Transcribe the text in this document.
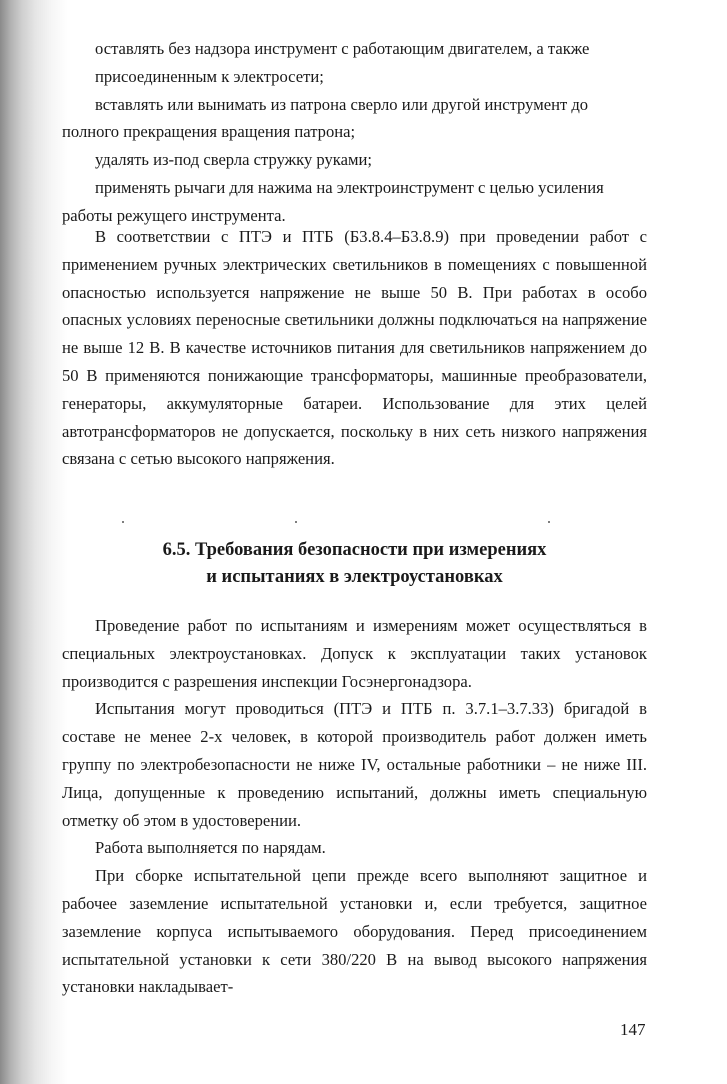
оставлять без надзора инструмент с работающим двигателем, а также присоединенным к электросети;

вставлять или вынимать из патрона сверло или другой инструмент до полного прекращения вращения патрона;

удалять из-под сверла стружку руками;

применять рычаги для нажима на электроинструмент с целью усиления работы режущего инструмента.

В соответствии с ПТЭ и ПТБ (Б3.8.4–Б3.8.9) при проведении работ с применением ручных электрических светильников в помещениях с повышенной опасностью используется напряжение не выше 50 В. При работах в особо опасных условиях переносные светильники должны подключаться на напряжение не выше 12 В. В качестве источников питания для светильников напряжением до 50 В применяются понижающие трансформаторы, машинные преобразователи, генераторы, аккумуляторные батареи. Использование для этих целей автотрансформаторов не допускается, поскольку в них сеть низкого напряжения связана с сетью высокого напряжения.

6.5. Требования безопасности при измерениях
и испытаниях в электроустановках

Проведение работ по испытаниям и измерениям может осуществляться в специальных электроустановках. Допуск к эксплуатации таких установок производится с разрешения инспекции Госэнергонадзора.

Испытания могут проводиться (ПТЭ и ПТБ п. 3.7.1–3.7.33) бригадой в составе не менее 2-х человек, в которой производитель работ должен иметь группу по электробезопасности не ниже IV, остальные работники – не ниже III. Лица, допущенные к проведению испытаний, должны иметь специальную отметку об этом в удостоверении.

Работа выполняется по нарядам.

При сборке испытательной цепи прежде всего выполняют защитное и рабочее заземление испытательной установки и, если требуется, защитное заземление корпуса испытываемого оборудования. Перед присоединением испытательной установки к сети 380/220 В на вывод высокого напряжения установки накладывает-

147
